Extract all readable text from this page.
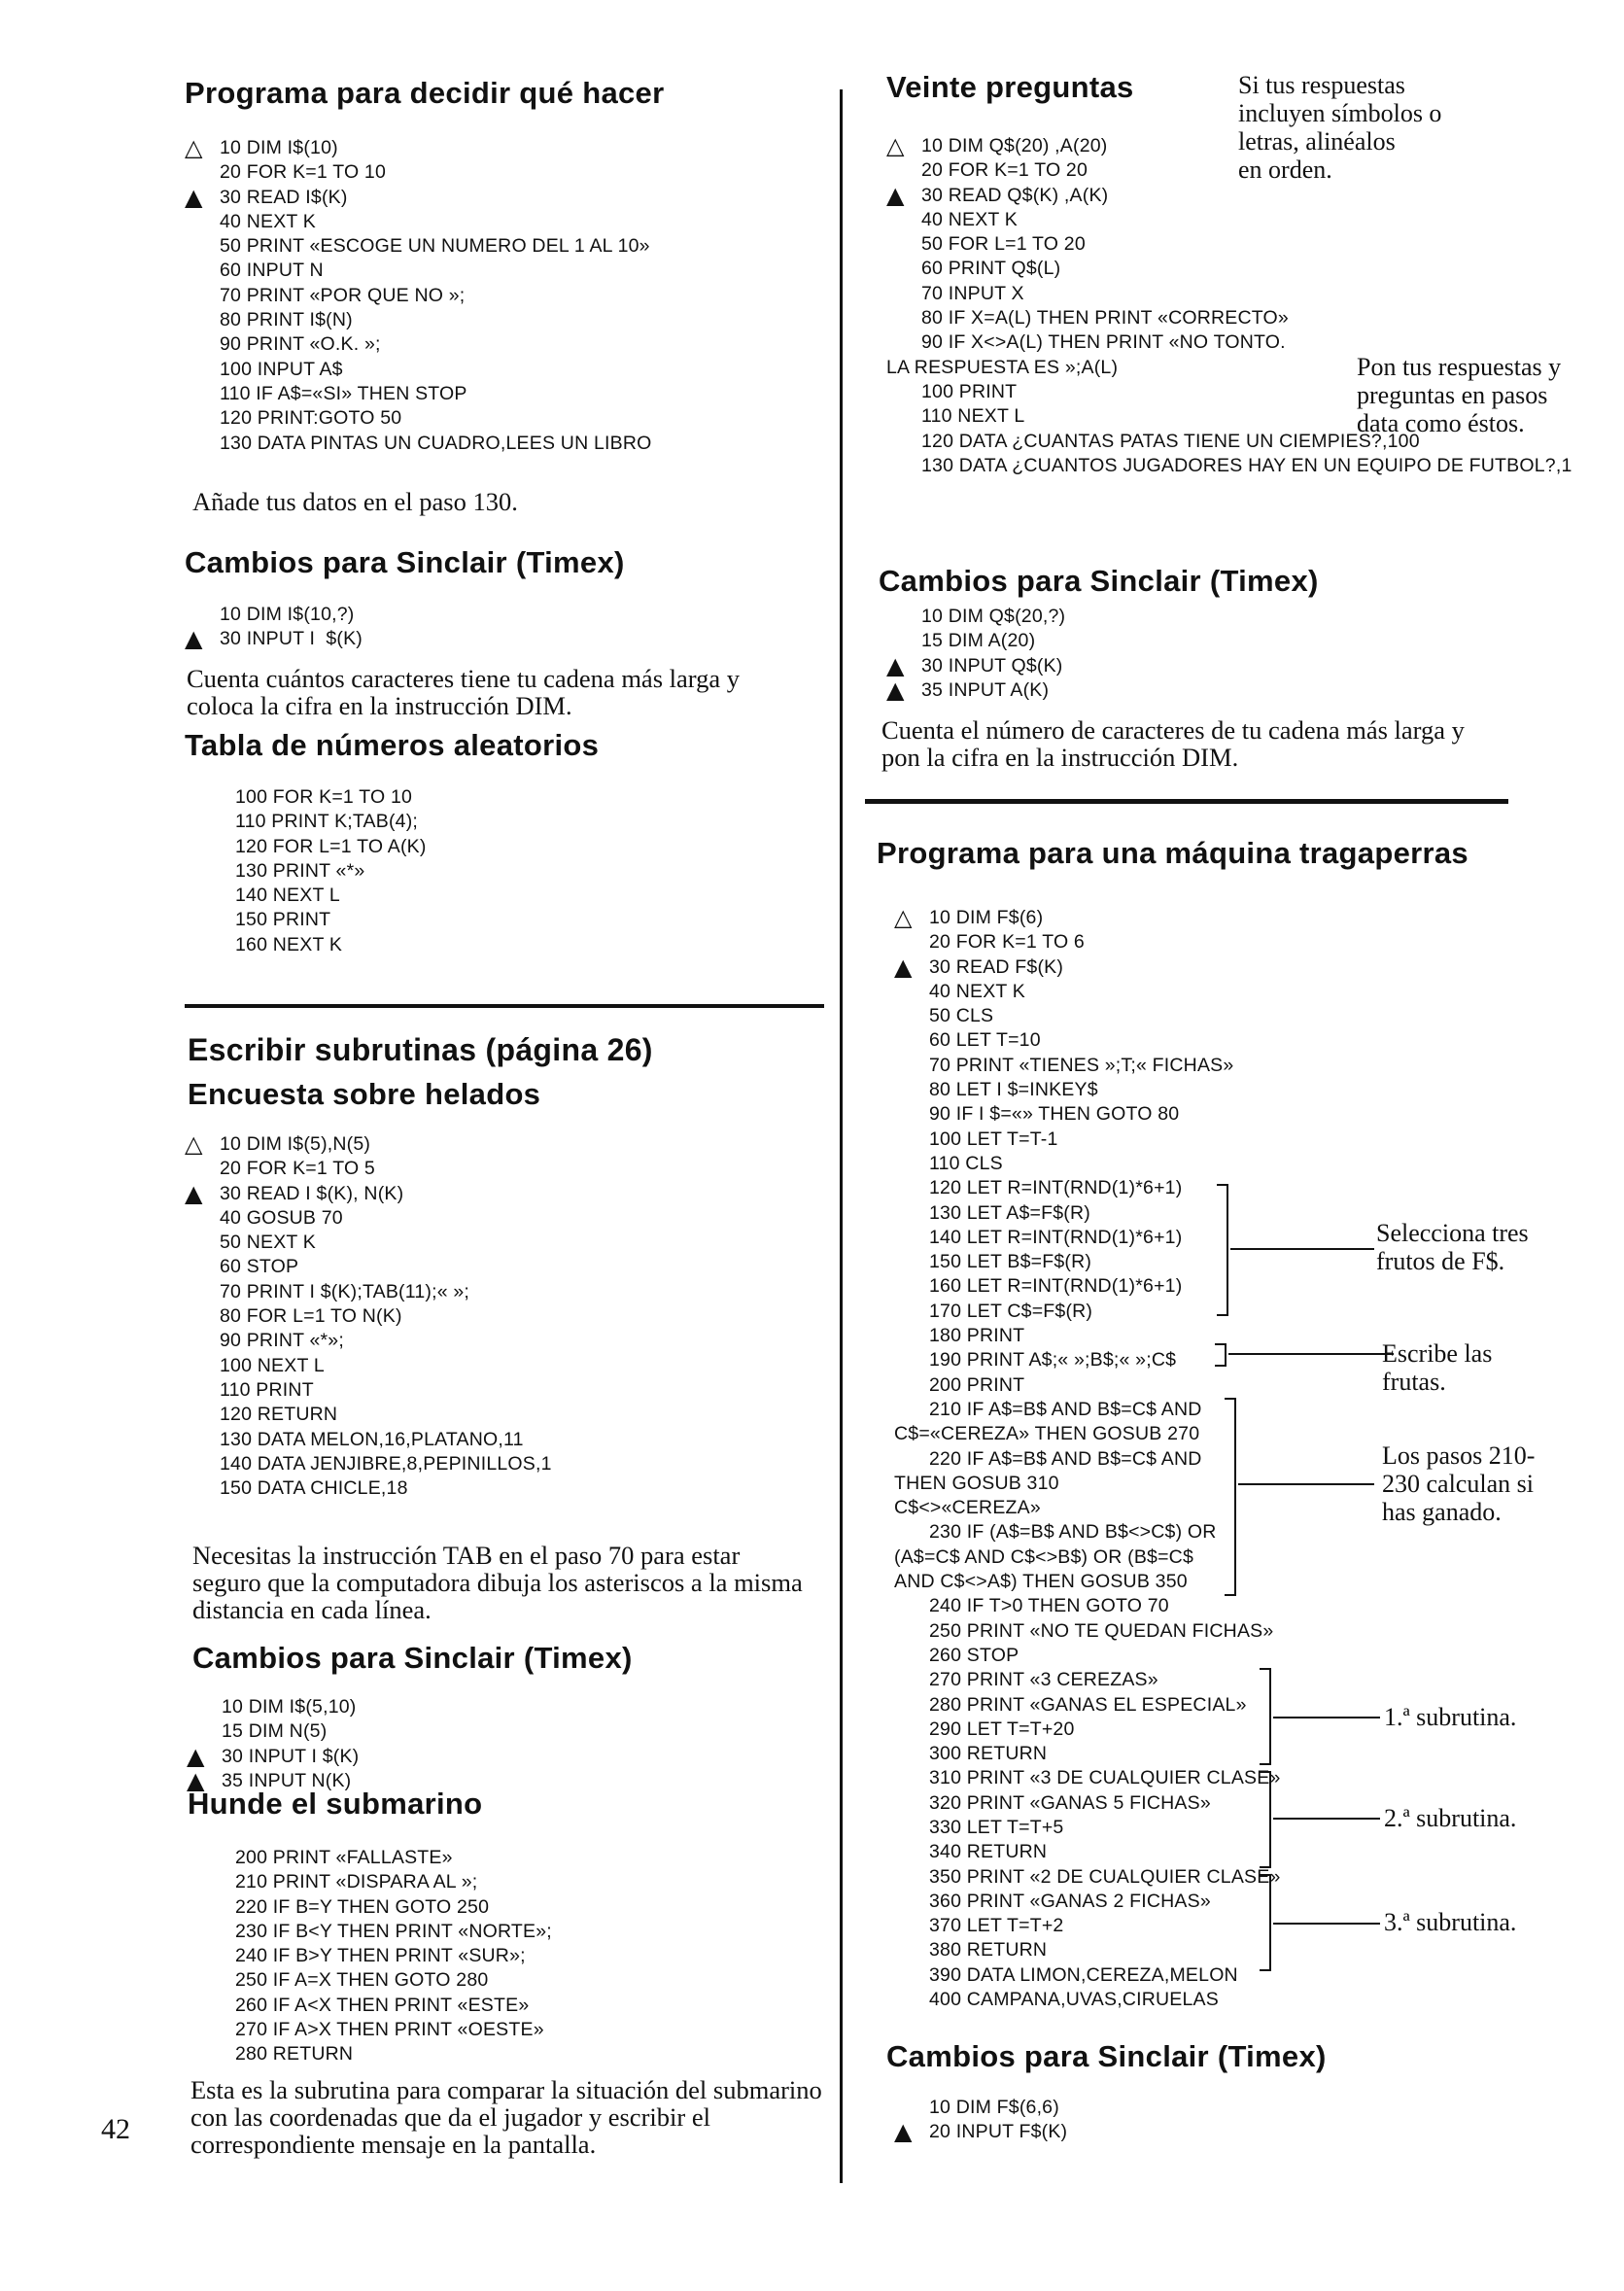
Programa para decidir qué hacer
△ 10 DIM I$(10)
20 FOR K=1 TO 10
▲ 30 READ I$(K)
40 NEXT K
50 PRINT «ESCOGE UN NUMERO DEL 1 AL 10»
60 INPUT N
70 PRINT «POR QUE NO »;
80 PRINT I$(N)
90 PRINT «O.K. »;
100 INPUT A$
110 IF A$=«SI» THEN STOP
120 PRINT:GOTO 50
130 DATA PINTAS UN CUADRO,LEES UN LIBRO

Añade tus datos en el paso 130.

Cambios para Sinclair (Timex)
10 DIM I$(10,?)
▲ 30 INPUT I  $(K)

Cuenta cuántos caracteres tiene tu cadena más larga y coloca la cifra en la instrucción DIM.

Tabla de números aleatorios
100 FOR K=1 TO 10
110 PRINT K;TAB(4);
120 FOR L=1 TO A(K)
130 PRINT «*»
140 NEXT L
150 PRINT
160 NEXT K
Escribir subrutinas (página 26)
Encuesta sobre helados
△ 10 DIM I$(5),N(5)
20 FOR K=1 TO 5
▲ 30 READ I $(K), N(K)
40 GOSUB 70
50 NEXT K
60 STOP
70 PRINT I $(K);TAB(11);« »;
80 FOR L=1 TO N(K)
90 PRINT «*»;
100 NEXT L
110 PRINT
120 RETURN
130 DATA MELON,16,PLATANO,11
140 DATA JENJIBRE,8,PEPINILLOS,1
150 DATA CHICLE,18

Necesitas la instrucción TAB en el paso 70 para estar seguro que la computadora dibuja los asteriscos a la misma distancia en cada línea.

Cambios para Sinclair (Timex)
10 DIM I$(5,10)
15 DIM N(5)
▲ 30 INPUT I $(K)
▲ 35 INPUT N(K)
Hunde el submarino
200 PRINT «FALLASTE»
210 PRINT «DISPARA AL »;
220 IF B=Y THEN GOTO 250
230 IF B<Y THEN PRINT «NORTE»;
240 IF B>Y THEN PRINT «SUR»;
250 IF A=X THEN GOTO 280
260 IF A<X THEN PRINT «ESTE»
270 IF A>X THEN PRINT «OESTE»
280 RETURN

Esta es la subrutina para comparar la situación del submarino con las coordenadas que da el jugador y escribir el correspondiente mensaje en la pantalla.

42
Veinte preguntas	Si tus respuestas
incluyen símbolos o
letras, alinéalos
en orden.
△ 10 DIM Q$(20) ,A(20)
20 FOR K=1 TO 20
▲ 30 READ Q$(K) ,A(K)
40 NEXT K
50 FOR L=1 TO 20
60 PRINT Q$(L)
70 INPUT X
80 IF X=A(L) THEN PRINT «CORRECTO»
90 IF X<>A(L) THEN PRINT «NO TONTO.
LA RESPUESTA ES »;A(L)
100 PRINT
110 NEXT L
120 DATA ¿CUANTAS PATAS TIENE UN CIEMPIES?,100
130 DATA ¿CUANTOS JUGADORES HAY EN UN EQUIPO DE FUTBOL?,1
Pon tus respuestas y
preguntas en pasos
data como éstos.
Cambios para Sinclair (Timex)
10 DIM Q$(20,?)
15 DIM A(20)
▲ 30 INPUT Q$(K)
▲ 35 INPUT A(K)

Cuenta el número de caracteres de tu cadena más larga y pon la cifra en la instrucción DIM.

Programa para una máquina tragaperras
△ 10 DIM F$(6)
20 FOR K=1 TO 6
▲ 30 READ F$(K)
40 NEXT K
50 CLS
60 LET T=10
70 PRINT «TIENES »;T;« FICHAS»
80 LET I $=INKEY$
90 IF I $=«» THEN GOTO 80
100 LET T=T-1
110 CLS
120 LET R=INT(RND(1)*6+1)
130 LET A$=F$(R)
140 LET R=INT(RND(1)*6+1)
150 LET B$=F$(R)
160 LET R=INT(RND(1)*6+1)
170 LET C$=F$(R)
180 PRINT
190 PRINT A$;« »;B$;« »;C$
200 PRINT
210 IF A$=B$ AND B$=C$ AND
C$=«CEREZA» THEN GOSUB 270
220 IF A$=B$ AND B$=C$ AND
THEN GOSUB 310
C$<>«CEREZA»
230 IF (A$=B$ AND B$<>C$) OR
(A$=C$ AND C$<>B$) OR (B$=C$
AND C$<>A$) THEN GOSUB 350
240 IF T>0 THEN GOTO 70
250 PRINT «NO TE QUEDAN FICHAS»
260 STOP
270 PRINT «3 CEREZAS»
280 PRINT «GANAS EL ESPECIAL»
290 LET T=T+20
300 RETURN
310 PRINT «3 DE CUALQUIER CLASE»
320 PRINT «GANAS 5 FICHAS»
330 LET T=T+5
340 RETURN
350 PRINT «2 DE CUALQUIER CLASE»
360 PRINT «GANAS 2 FICHAS»
370 LET T=T+2
380 RETURN
390 DATA LIMON,CEREZA,MELON
400 CAMPANA,UVAS,CIRUELAS
Selecciona tres
frutos de F$.
Escribe las
frutas.
Los pasos 210-
230 calculan si
has ganado.
1.ª subrutina.
2.ª subrutina.
3.ª subrutina.
Cambios para Sinclair (Timex)
10 DIM F$(6,6)
▲ 20 INPUT F$(K)
